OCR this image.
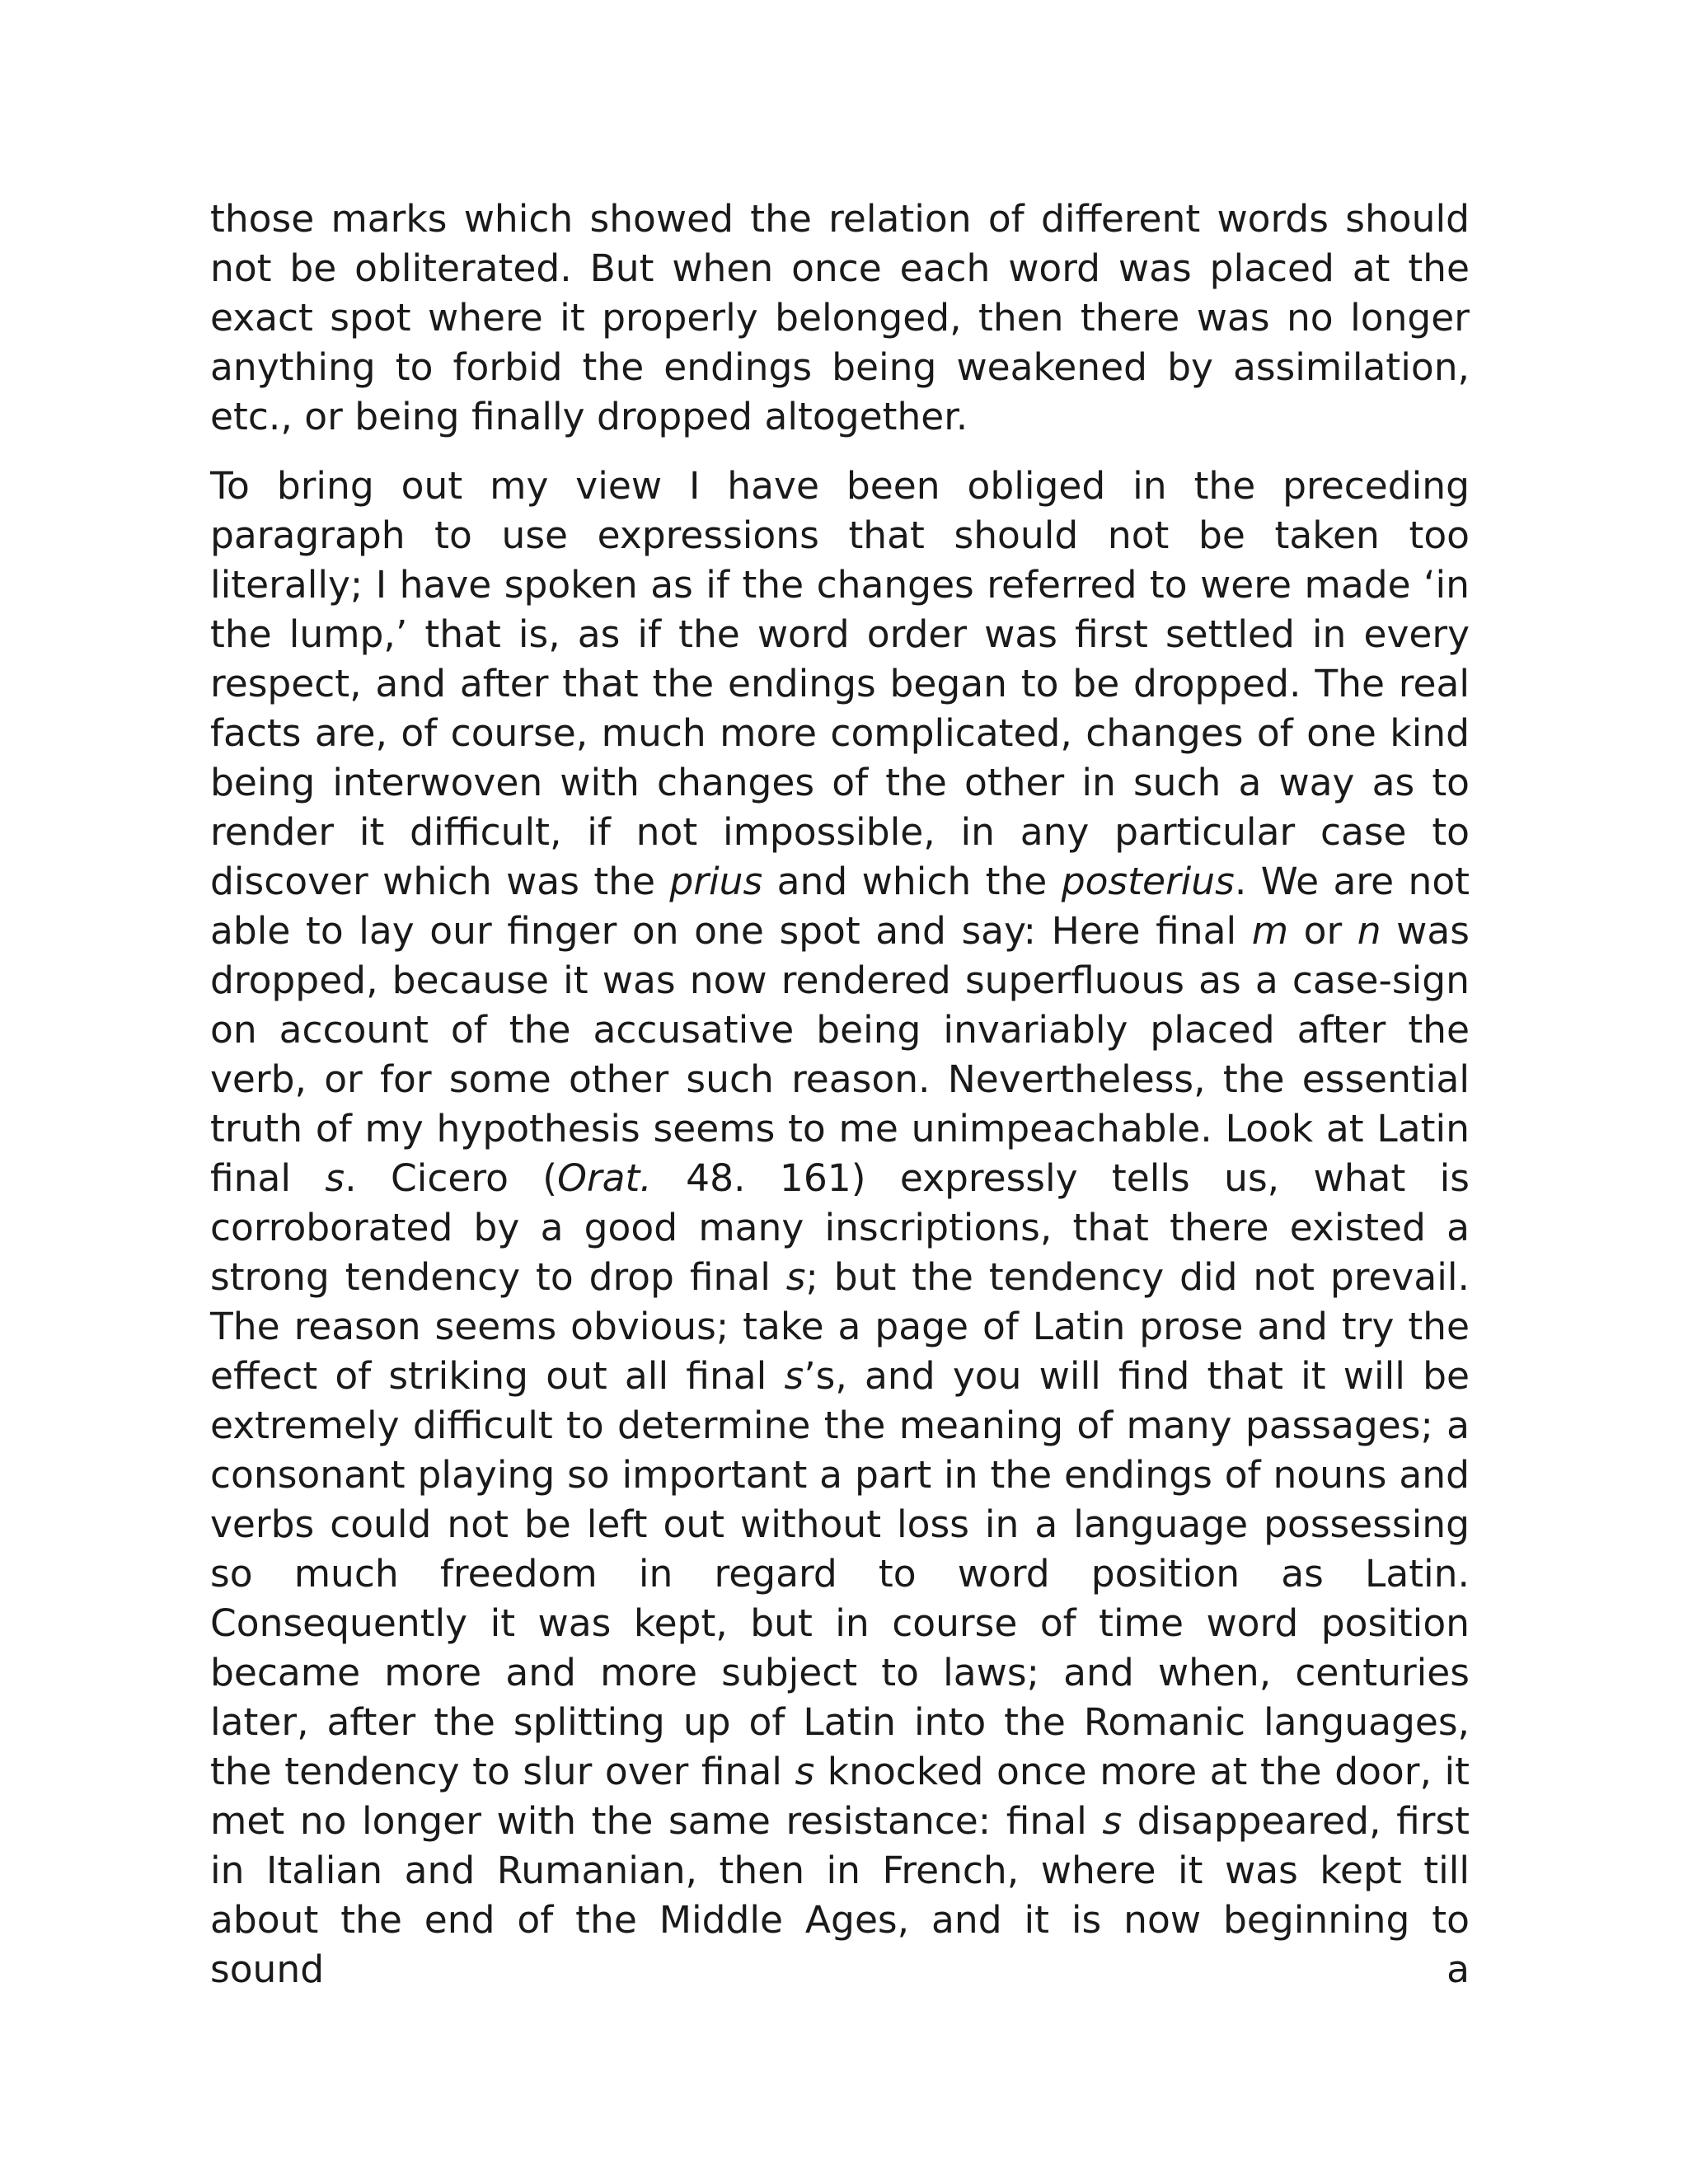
those marks which showed the relation of different words should not be obliterated. But when once each word was placed at the exact spot where it properly belonged, then there was no longer anything to forbid the endings being weakened by assimilation, etc., or being finally dropped altogether.

To bring out my view I have been obliged in the preceding paragraph to use expressions that should not be taken too literally; I have spoken as if the changes referred to were made ‘in the lump,’ that is, as if the word order was first settled in every respect, and after that the endings began to be dropped. The real facts are, of course, much more complicated, changes of one kind being interwoven with changes of the other in such a way as to render it difficult, if not impossible, in any particular case to discover which was the prius and which the posterius. We are not able to lay our finger on one spot and say: Here final m or n was dropped, because it was now rendered superfluous as a case-sign on account of the accusative being invariably placed after the verb, or for some other such reason. Nevertheless, the essential truth of my hypothesis seems to me unimpeachable. Look at Latin final s. Cicero (Orat. 48. 161) expressly tells us, what is corroborated by a good many inscriptions, that there existed a strong tendency to drop final s; but the tendency did not prevail. The reason seems obvious; take a page of Latin prose and try the effect of striking out all final s’s, and you will find that it will be extremely difficult to determine the meaning of many passages; a consonant playing so important a part in the endings of nouns and verbs could not be left out without loss in a language possessing so much freedom in regard to word position as Latin. Consequently it was kept, but in course of time word position became more and more subject to laws; and when, centuries later, after the splitting up of Latin into the Romanic languages, the tendency to slur over final s knocked once more at the door, it met no longer with the same resistance: final s disappeared, first in Italian and Rumanian, then in French, where it was kept till about the end of the Middle Ages, and it is now beginning to sound a
